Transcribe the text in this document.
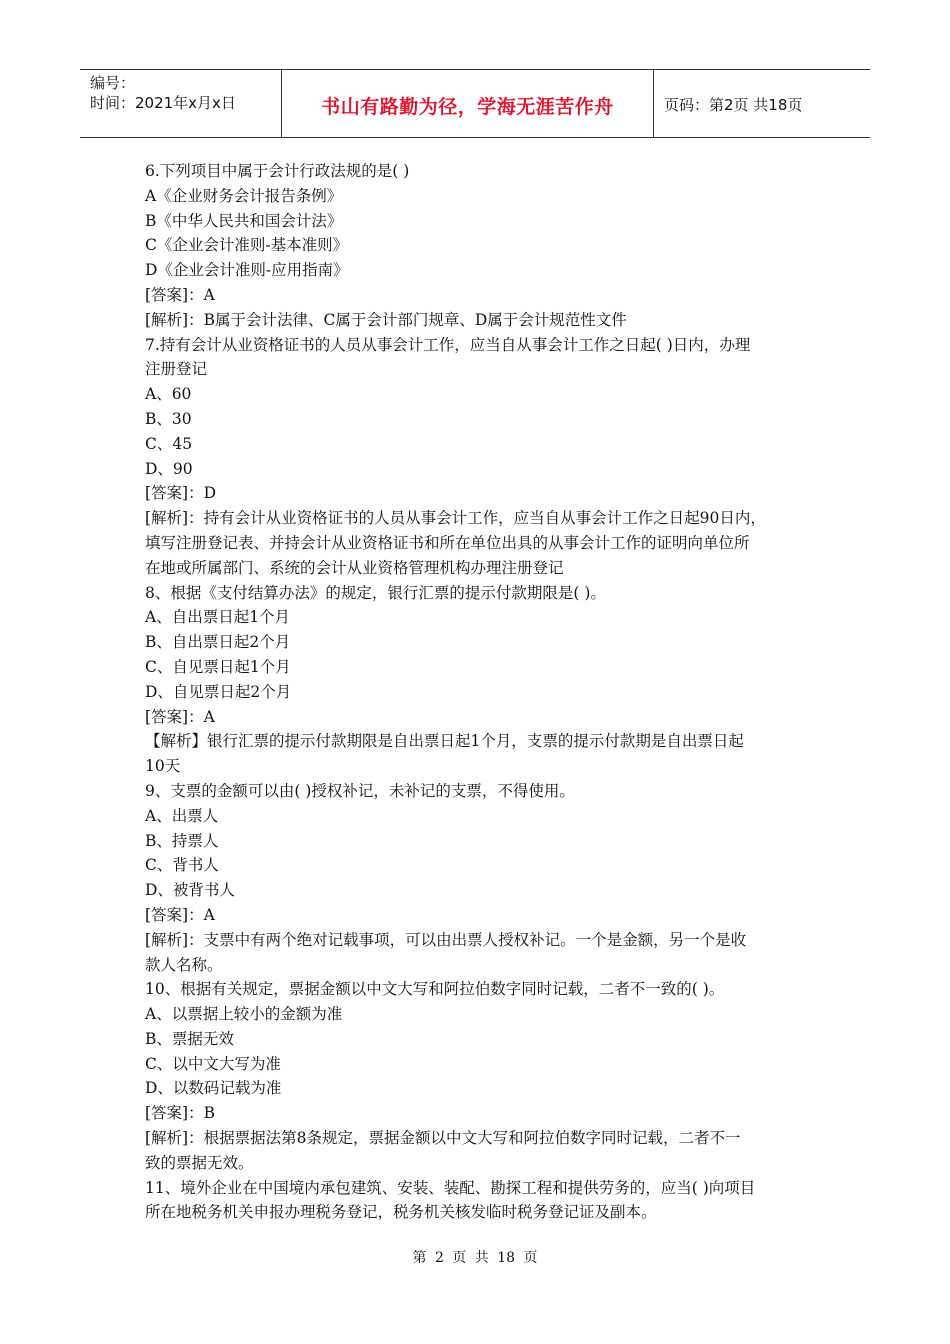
编号：
时间：2021年x月x日	书山有路勤为径，学海无涯苦作舟	页码：第2页 共18页

6.下列项目中属于会计行政法规的是( )

A《企业财务会计报告条例》

B《中华人民共和国会计法》

C《企业会计准则-基本准则》

D《企业会计准则-应用指南》

[答案]：A

[解析]：B属于会计法律、C属于会计部门规章、D属于会计规范性文件

7.持有会计从业资格证书的人员从事会计工作，应当自从事会计工作之日起( )日内，办理

注册登记

A、60

B、30

C、45

D、90

[答案]：D

[解析]：持有会计从业资格证书的人员从事会计工作，应当自从事会计工作之日起90日内，

填写注册登记表、并持会计从业资格证书和所在单位出具的从事会计工作的证明向单位所

在地或所属部门、系统的会计从业资格管理机构办理注册登记

8、根据《支付结算办法》的规定，银行汇票的提示付款期限是( )。

A、自出票日起1个月

B、自出票日起2个月

C、自见票日起1个月

D、自见票日起2个月

[答案]：A

【解析】银行汇票的提示付款期限是自出票日起1个月，支票的提示付款期是自出票日起

10天

9、支票的金额可以由( )授权补记，未补记的支票，不得使用。

A、出票人

B、持票人

C、背书人

D、被背书人

[答案]：A

[解析]：支票中有两个绝对记载事项，可以由出票人授权补记。一个是金额，另一个是收

款人名称。

10、根据有关规定，票据金额以中文大写和阿拉伯数字同时记载，二者不一致的( )。

A、以票据上较小的金额为准

B、票据无效

C、以中文大写为准

D、以数码记载为准

[答案]：B

[解析]：根据票据法第8条规定，票据金额以中文大写和阿拉伯数字同时记载，二者不一

致的票据无效。

11、境外企业在中国境内承包建筑、安装、装配、勘探工程和提供劳务的，应当( )向项目

所在地税务机关申报办理税务登记，税务机关核发临时税务登记证及副本。

第 2 页 共 18 页
